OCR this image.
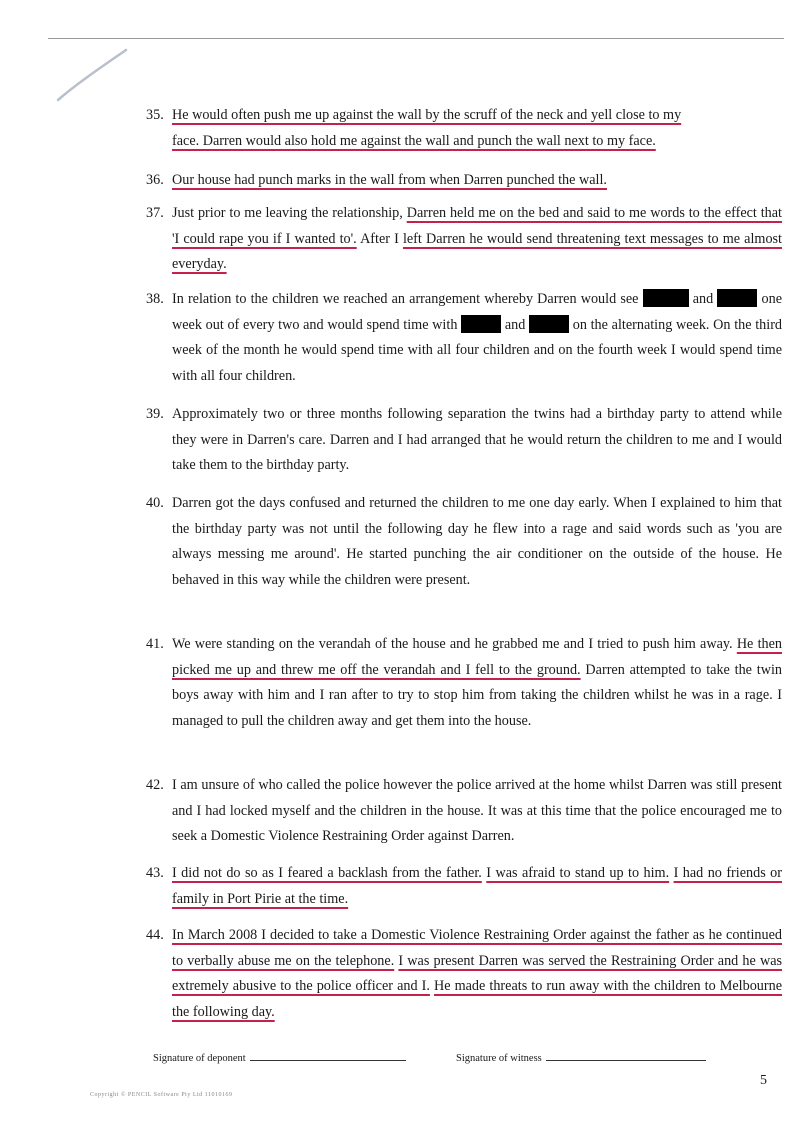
35. He would often push me up against the wall by the scruff of the neck and yell close to my
face. Darren would also hold me against the wall and punch the wall next to my face.
36. Our house had punch marks in the wall from when Darren punched the wall.
37. Just prior to me leaving the relationship, Darren held me on the bed and said to me words to the effect that 'I could rape you if I wanted to'. After I left Darren he would send threatening text messages to me almost everyday.
38. In relation to the children we reached an arrangement whereby Darren would see	and	one week out of every two and would spend time with	and	on the alternating week. On the third week of the month he would spend time with all four children and on the fourth week I would spend time with all four children.
39. Approximately two or three months following separation the twins had a birthday party to attend while they were in Darren's care. Darren and I had arranged that he would return the children to me and I would take them to the birthday party.
40. Darren got the days confused and returned the children to me one day early. When I explained to him that the birthday party was not until the following day he flew into a rage and said words such as 'you are always messing me around'. He started punching the air conditioner on the outside of the house. He behaved in this way while the children were present.
41. We were standing on the verandah of the house and he grabbed me and I tried to push him away. He then picked me up and threw me off the verandah and I fell to the ground. Darren attempted to take the twin boys away with him and I ran after to try to stop him from taking the children whilst he was in a rage. I managed to pull the children away and get them into the house.
42. I am unsure of who called the police however the police arrived at the home whilst Darren was still present and I had locked myself and the children in the house. It was at this time that the police encouraged me to seek a Domestic Violence Restraining Order against Darren.
43. I did not do so as I feared a backlash from the father. I was afraid to stand up to him. I had no friends or family in Port Pirie at the time.
44. In March 2008 I decided to take a Domestic Violence Restraining Order against the father as he continued to verbally abuse me on the telephone. I was present Darren was served the Restraining Order and he was extremely abusive to the police officer and I. He made threats to run away with the children to Melbourne the following day.
Signature of deponent	Signature of witness
5
Copyright © PENCIL Software Pty Ltd 11010169
